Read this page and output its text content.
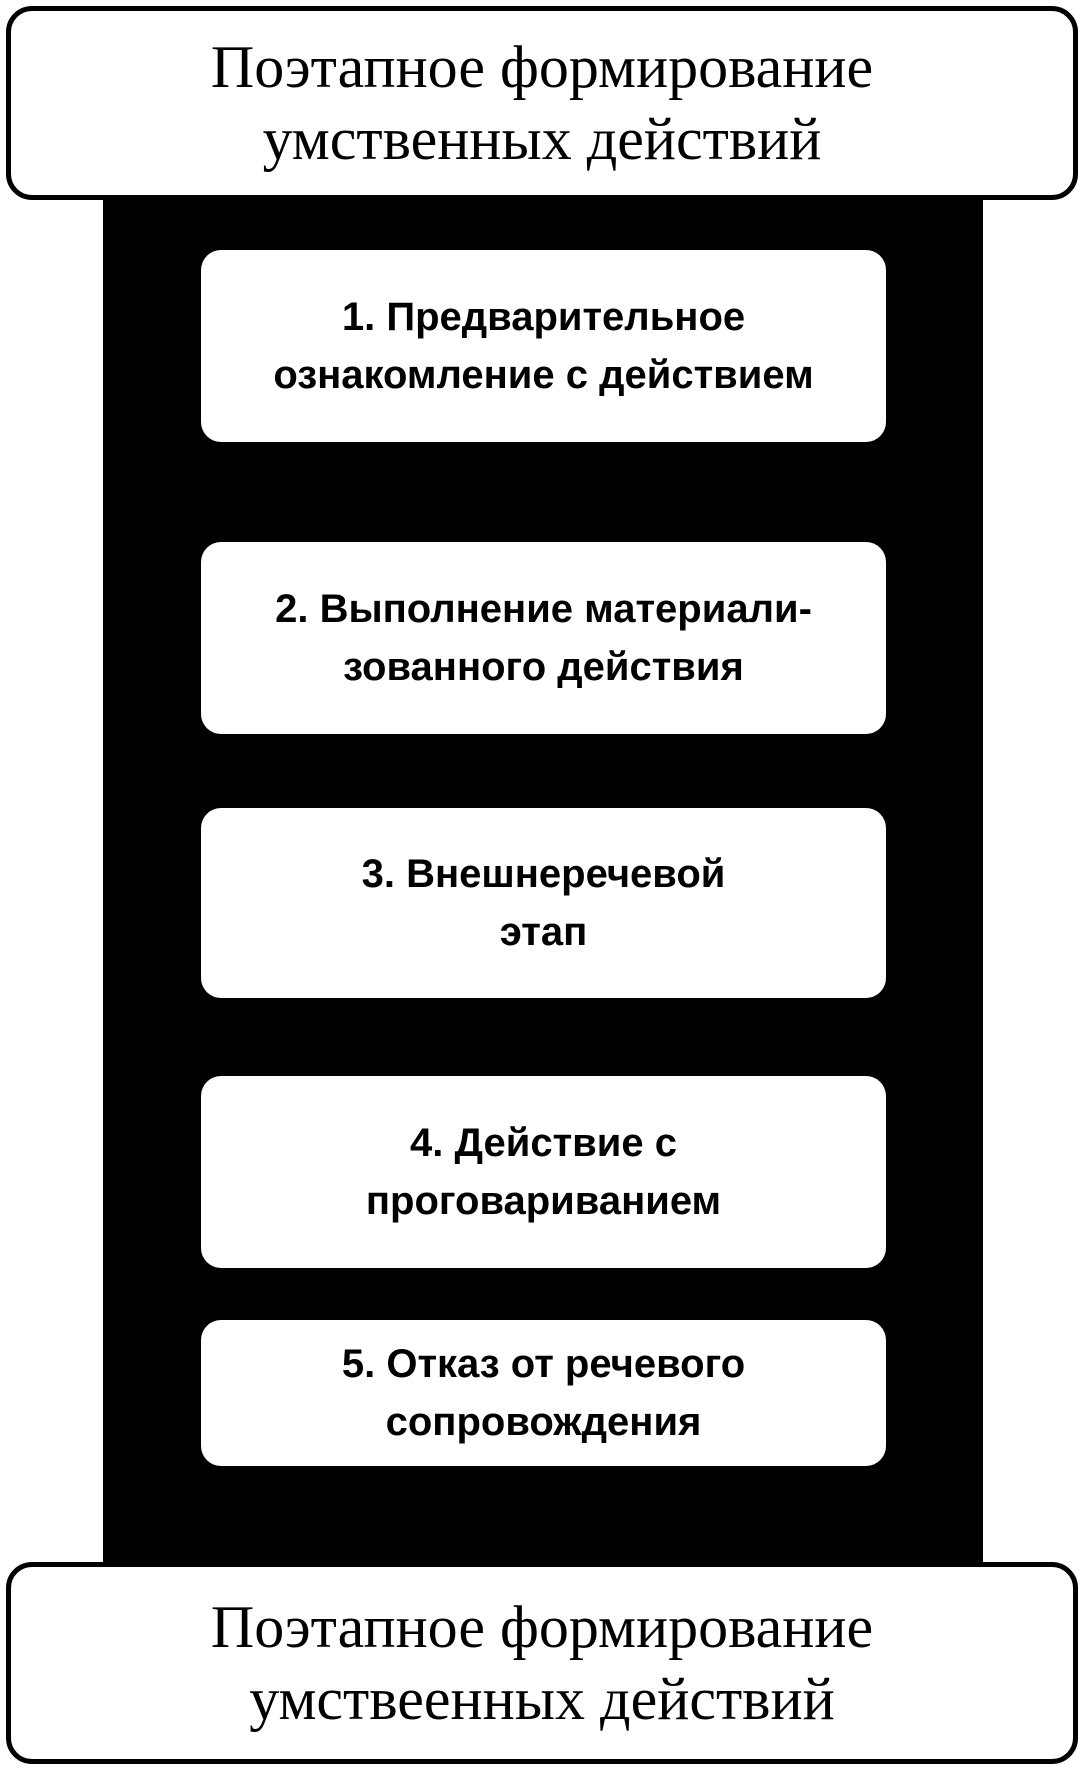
Поэтапное формирование
умственных действий
1. Предварительное
ознакомление с действием
2. Выполнение материали-
зованного действия
3. Внешнеречевой
этап
4. Действие с
проговариванием
5. Отказ от речевого
сопровождения
Поэтапное формирование
умствеенных действий
